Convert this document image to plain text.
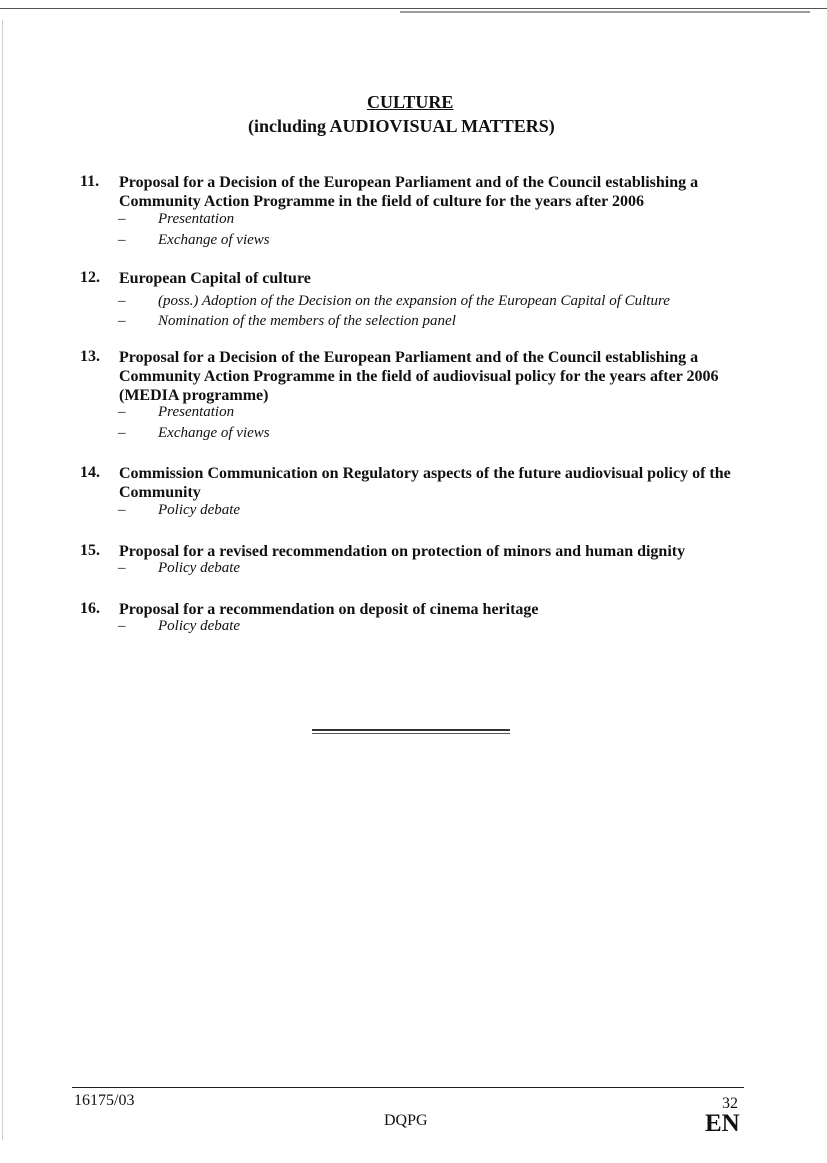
CULTURE
(including AUDIOVISUAL MATTERS)
11. Proposal for a Decision of the European Parliament and of the Council establishing a Community Action Programme in the field of culture for the years after 2006
– Presentation
– Exchange of views
12. European Capital of culture
– (poss.) Adoption of the Decision on the expansion of the European Capital of Culture
– Nomination of the members of the selection panel
13. Proposal for a Decision of the European Parliament and of the Council establishing a Community Action Programme in the field of audiovisual policy for the years after 2006 (MEDIA programme)
– Presentation
– Exchange of views
14. Commission Communication on Regulatory aspects of the future audiovisual policy of the Community
– Policy debate
15. Proposal for a revised recommendation on protection of minors and human dignity
– Policy debate
16. Proposal for a recommendation on deposit of cinema heritage
– Policy debate
16175/03
DQPG
32
EN
